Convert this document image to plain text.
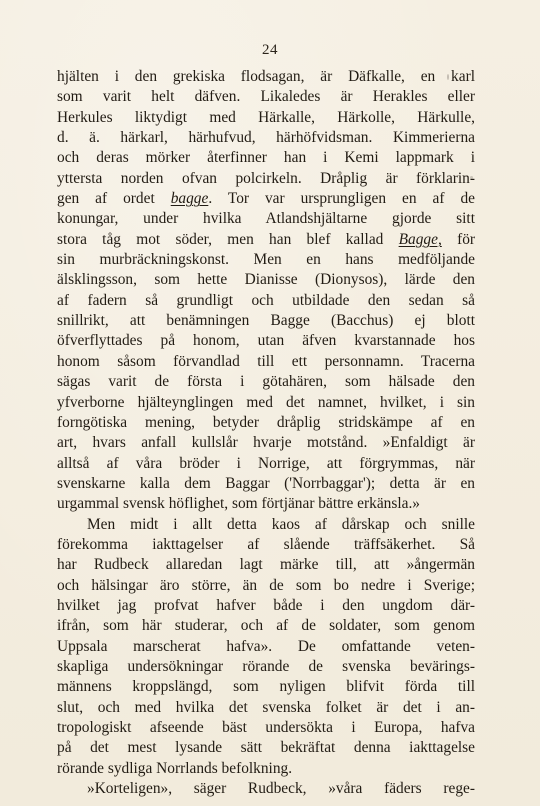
24
hjälten i den grekiska flodsagan, är Däfkalle, en karl
som varit helt däfven. Likaledes är Herakles eller
Herkules liktydigt med Härkalle, Härkolle, Härkulle,
d. ä. härkarl, härhufvud, härhöfvidsman. Kimmerierna
och deras mörker återfinner han i Kemi lappmark i
yttersta norden ofvan polcirkeln. Dråplig är förklarin-
gen af ordet bagge. Tor var ursprungligen en af de
konungar, under hvilka Atlandshjältarne gjorde sitt
stora tåg mot söder, men han blef kallad Bagge, för
sin murbräckningskonst. Men en hans medföljande
älsklingsson, som hette Dianisse (Dionysos), lärde den
af fadern så grundligt och utbildade den sedan så
snillrikt, att benämningen Bagge (Bacchus) ej blott
öfverflyttades på honom, utan äfven kvarstannade hos
honom såsom förvandlad till ett personnamn. Tracerna
sägas varit de första i götahären, som hälsade den
yfverborne hjälteynglingen med det namnet, hvilket, i sin
forngötiska mening, betyder dråplig stridskämpe af en
art, hvars anfall kullslår hvarje motstånd. »Enfaldigt är
alltså af våra bröder i Norrige, att förgrymmas, när
svenskarne kalla dem Baggar ('Norrbaggar'); detta är en
urgammal svensk höflighet, som förtjänar bättre erkänsla.»
Men midt i allt detta kaos af dårskap och snille
förekomma iakttagelser af slående träffsäkerhet. Så
har Rudbeck allaredan lagt märke till, att »ångermän
och hälsingar äro större, än de som bo nedre i Sverige;
hvilket jag profvat hafver både i den ungdom där-
ifrån, som här studerar, och af de soldater, som genom
Uppsala marscherat hafva». De omfattande veten-
skapliga undersökningar rörande de svenska bevärings-
männens kroppslängd, som nyligen blifvit förda till
slut, och med hvilka det svenska folket är det i an-
tropologiskt afseende bäst undersökta i Europa, hafva
på det mest lysande sätt bekräftat denna iakttagelse
rörande sydliga Norrlands befolkning.
»Korteligen», säger Rudbeck, »våra fäders rege-
